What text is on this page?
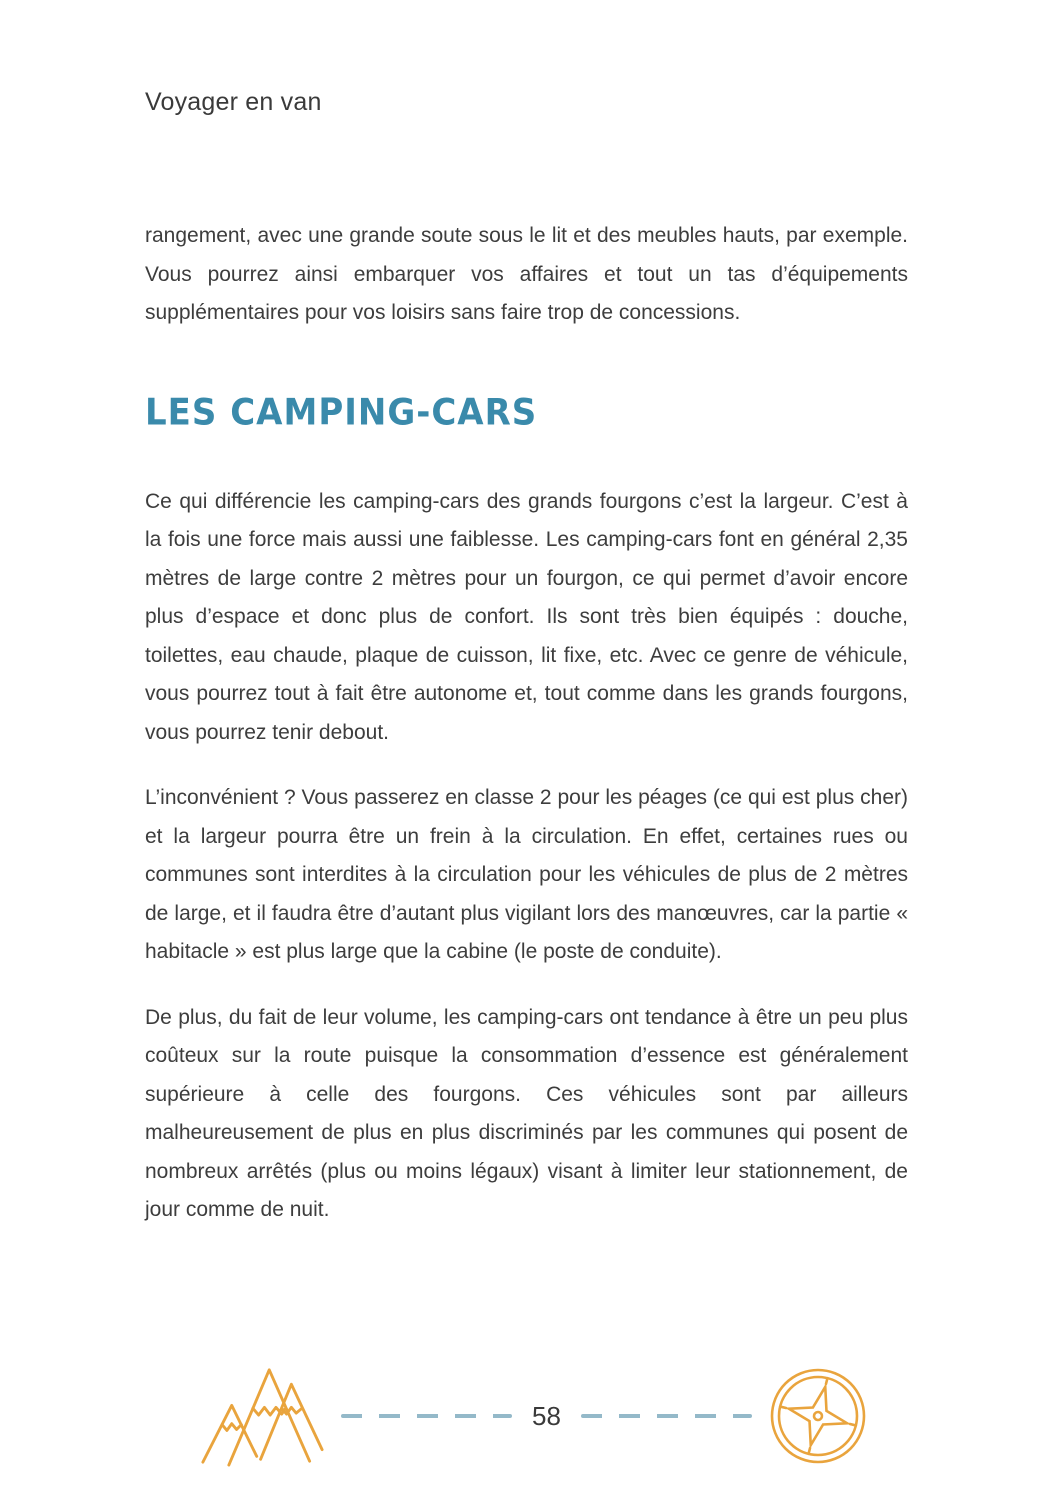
Voyager en van

rangement, avec une grande soute sous le lit et des meubles hauts, par exemple. Vous pourrez ainsi embarquer vos affaires et tout un tas d’équipements supplémentaires pour vos loisirs sans faire trop de concessions.

LES CAMPING-CARS

Ce qui différencie les camping-cars des grands fourgons c’est la largeur. C’est à la fois une force mais aussi une faiblesse. Les camping-cars font en général 2,35 mètres de large contre 2 mètres pour un fourgon, ce qui permet d’avoir encore plus d’espace et donc plus de confort. Ils sont très bien équipés : douche, toilettes, eau chaude, plaque de cuisson, lit fixe, etc. Avec ce genre de véhicule, vous pourrez tout à fait être autonome et, tout comme dans les grands fourgons, vous pourrez tenir debout.

L’inconvénient ? Vous passerez en classe 2 pour les péages (ce qui est plus cher) et la largeur pourra être un frein à la circulation. En effet, certaines rues ou communes sont interdites à la circulation pour les véhicules de plus de 2 mètres de large, et il faudra être d’autant plus vigilant lors des manœuvres, car la partie « habitacle » est plus large que la cabine (le poste de conduite).

De plus, du fait de leur volume, les camping-cars ont tendance à être un peu plus coûteux sur la route puisque la consommation d’essence est généralement supérieure à celle des fourgons. Ces véhicules sont par ailleurs malheureusement de plus en plus discriminés par les communes qui posent de nombreux arrêtés (plus ou moins légaux) visant à limiter leur stationnement, de jour comme de nuit.

58
